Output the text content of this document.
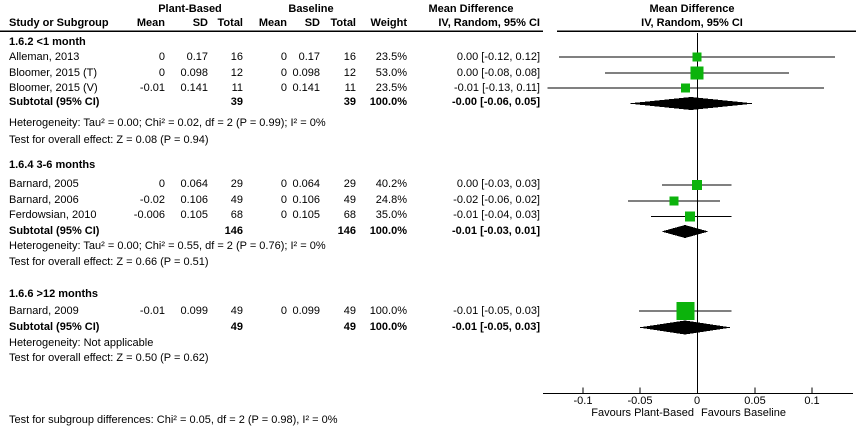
Plant-Based	Baseline	Mean Difference	Mean Difference
Study or Subgroup	Mean	SD Total Mean SD Total Weight	IV, Random, 95% CI	IV, Random, 95% CI
1.6.2 <1 month
Alleman, 2013	0 0.17 16	0 0.17 16 23.5%	0.00 [-0.12, 0.12]
Bloomer, 2015 (T)	0 0.098 12	0 0.098 12 53.0%	0.00 [-0.08, 0.08]
Bloomer, 2015 (V)	-0.01 0.141 11	0 0.141 11 23.5%	-0.01 [-0.13, 0.11]
Subtotal (95% CI)	39	39 100.0%	-0.00 [-0.06, 0.05]
Heterogeneity: Tau² = 0.00; Chi² = 0.02, df = 2 (P = 0.99); I² = 0%
Test for overall effect: Z = 0.08 (P = 0.94)
1.6.4 3-6 months
Barnard, 2005	0 0.064 29	0 0.064 29 40.2%	0.00 [-0.03, 0.03]
Barnard, 2006	-0.02 0.106 49	0 0.106 49 24.8%	-0.02 [-0.06, 0.02]
Ferdowsian, 2010	-0.006 0.105 68	0 0.105 68 35.0%	-0.01 [-0.04, 0.03]
Subtotal (95% CI)	146	146 100.0%	-0.01 [-0.03, 0.01]
Heterogeneity: Tau² = 0.00; Chi² = 0.55, df = 2 (P = 0.76); I² = 0%
Test for overall effect: Z = 0.66 (P = 0.51)
1.6.6 >12 months
Barnard, 2009	-0.01 0.099 49	0 0.099 49 100.0%	-0.01 [-0.05, 0.03]
Subtotal (95% CI)	49	49 100.0%	-0.01 [-0.05, 0.03]
Heterogeneity: Not applicable
Test for overall effect: Z = 0.50 (P = 0.62)
-0.1	-0.05	0	0.05	0.1
Favours Plant-Based Favours Baseline
Test for subgroup differences: Chi² = 0.05, df = 2 (P = 0.98), I² = 0%
